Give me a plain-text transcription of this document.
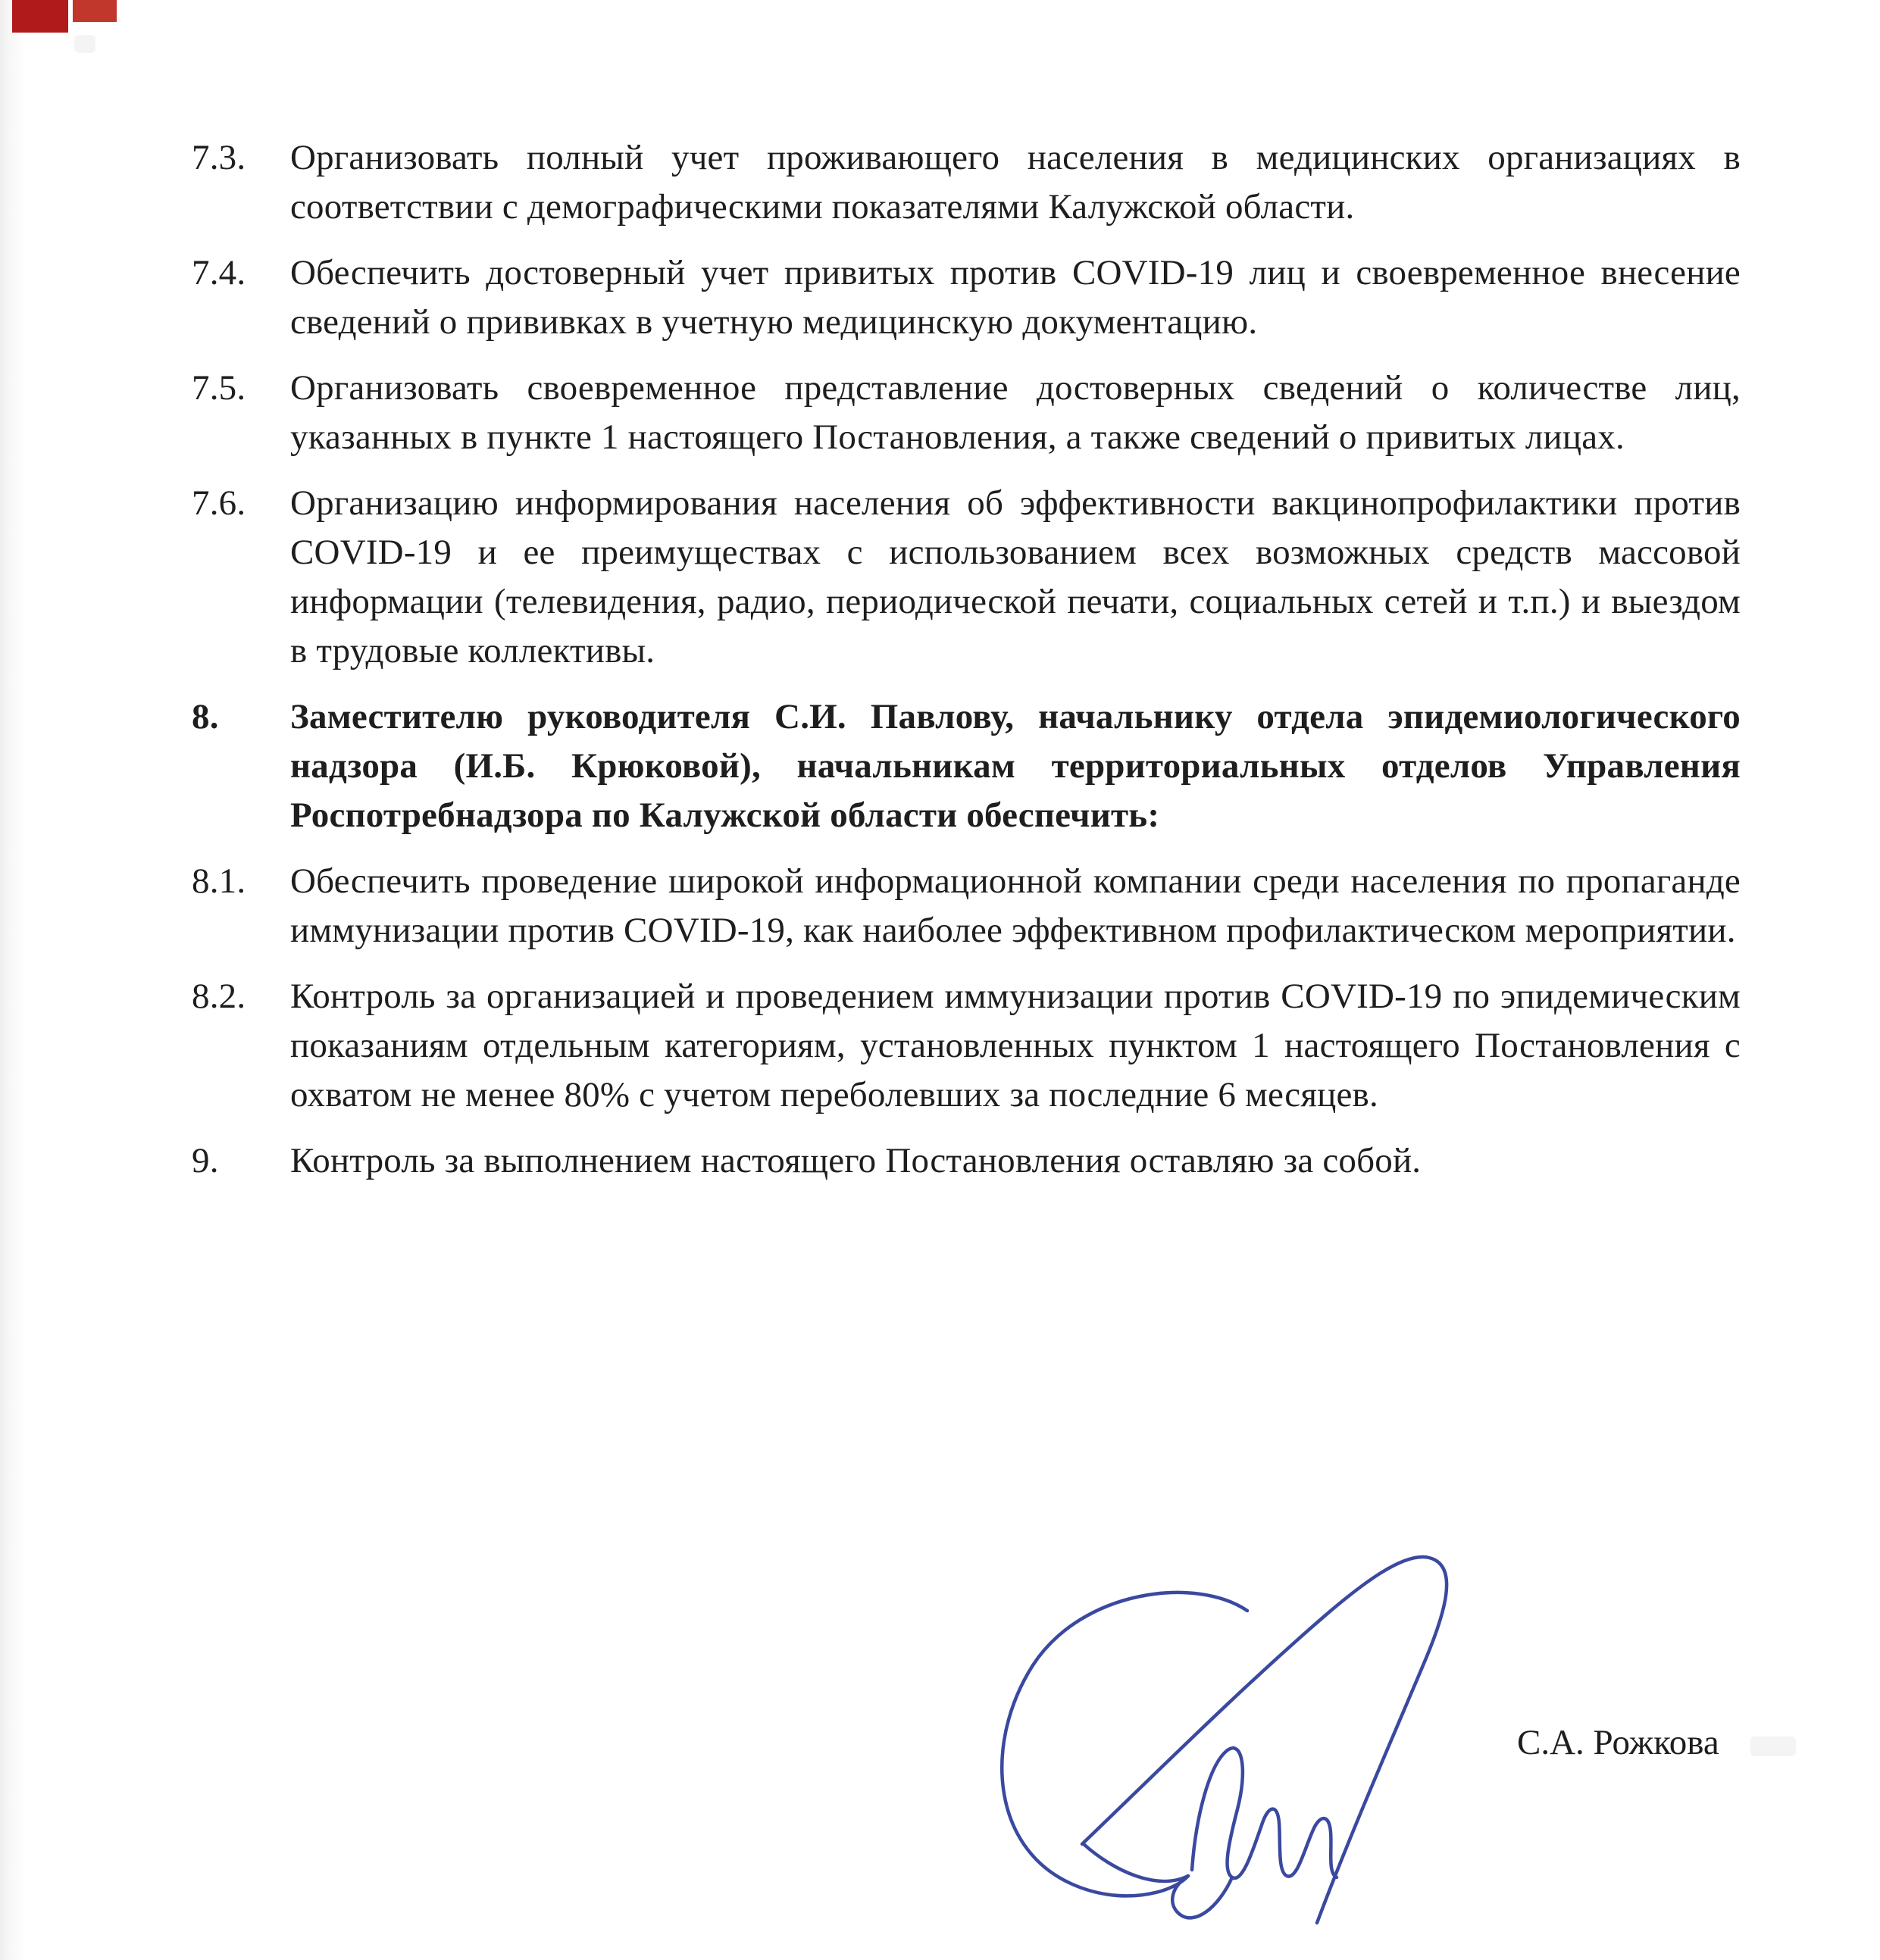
7.3.	Организовать полный учет проживающего населения в медицинских организациях в соответствии с демографическими показателями Калужской области.
7.4.	Обеспечить достоверный учет привитых против COVID-19 лиц и своевременное внесение сведений о прививках в учетную медицинскую документацию.
7.5.	Организовать своевременное представление достоверных сведений о количестве лиц, указанных в пункте 1 настоящего Постановления, а также сведений о привитых лицах.
7.6.	Организацию информирования населения об эффективности вакцинопрофилактики против COVID-19 и ее преимуществах с использованием всех возможных средств массовой информации (телевидения, радио, периодической печати, социальных сетей и т.п.) и выездом в трудовые коллективы.
8.	Заместителю руководителя С.И. Павлову, начальнику отдела эпидемиологического надзора (И.Б. Крюковой), начальникам территориальных отделов Управления Роспотребнадзора по Калужской области обеспечить:
8.1.	Обеспечить проведение широкой информационной компании среди населения по пропаганде иммунизации против COVID-19, как наиболее эффективном профилактическом мероприятии.
8.2.	Контроль за организацией и проведением иммунизации против COVID-19 по эпидемическим показаниям отдельным категориям, установленных пунктом 1 настоящего Постановления с охватом не менее 80% с учетом переболевших за последние 6 месяцев.
9.	Контроль за выполнением настоящего Постановления оставляю за собой.
С.А. Рожкова
